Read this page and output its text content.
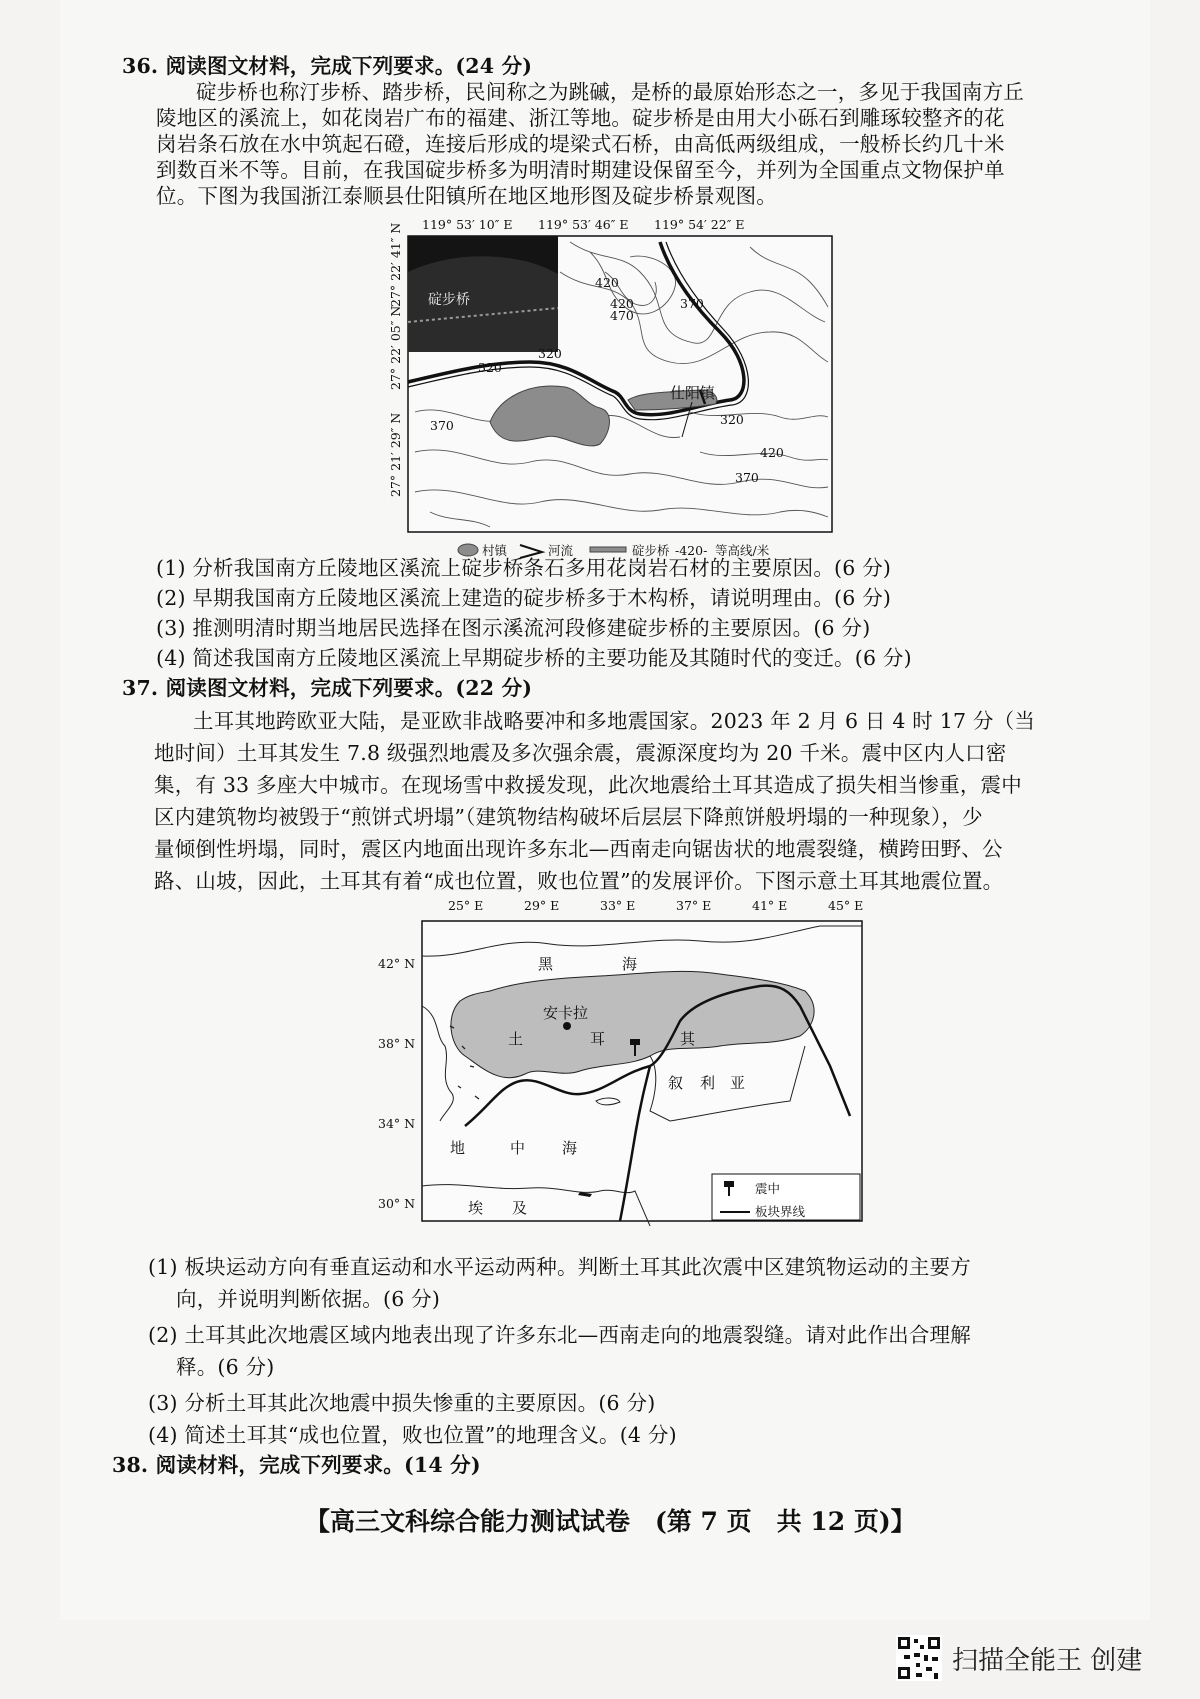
36. 阅读图文材料，完成下列要求。(24 分)
碇步桥也称汀步桥、踏步桥，民间称之为跳磩，是桥的最原始形态之一，多见于我国南方丘
陵地区的溪流上，如花岗岩广布的福建、浙江等地。碇步桥是由用大小砾石到雕琢较整齐的花
岗岩条石放在水中筑起石磴，连接后形成的堤梁式石桥，由高低两级组成，一般桥长约几十米
到数百米不等。目前，在我国碇步桥多为明清时期建设保留至今，并列为全国重点文物保护单
位。下图为我国浙江泰顺县仕阳镇所在地区地形图及碇步桥景观图。
119° 53′ 10″ E 119° 53′ 46″ E 119° 54′ 22″ E
27° 22′ 41″ N
27° 22′ 05″ N
27° 21′ 29″ N
碇步桥
仕阳镇
420
420
470
370
320
320
370	320
420
370
村镇	河流	碇步桥 -420- 等高线/米
(1) 分析我国南方丘陵地区溪流上碇步桥条石多用花岗岩石材的主要原因。(6 分)
(2) 早期我国南方丘陵地区溪流上建造的碇步桥多于木构桥，请说明理由。(6 分)
(3) 推测明清时期当地居民选择在图示溪流河段修建碇步桥的主要原因。(6 分)
(4) 简述我国南方丘陵地区溪流上早期碇步桥的主要功能及其随时代的变迁。(6 分)
37. 阅读图文材料，完成下列要求。(22 分)
土耳其地跨欧亚大陆，是亚欧非战略要冲和多地震国家。2023 年 2 月 6 日 4 时 17 分（当
地时间）土耳其发生 7.8 级强烈地震及多次强余震，震源深度均为 20 千米。震中区内人口密
集，有 33 多座大中城市。在现场雪中救援发现，此次地震给土耳其造成了损失相当惨重，震中
区内建筑物均被毁于“煎饼式坍塌”（建筑物结构破坏后层层下降煎饼般坍塌的一种现象），少
量倾倒性坍塌，同时，震区内地面出现许多东北—西南走向锯齿状的地震裂缝，横跨田野、公
路、山坡，因此，土耳其有着“成也位置，败也位置”的发展评价。下图示意土耳其地震位置。
25° E	29° E	33° E	37° E	41° E	45° E
42° N
38° N
34° N
30° N
安卡拉
黑	海
土	耳	其
叙 利 亚
地	中 海
埃 及
震中
板块界线
(1) 板块运动方向有垂直运动和水平运动两种。判断土耳其此次震中区建筑物运动的主要方
向，并说明判断依据。(6 分)
(2) 土耳其此次地震区域内地表出现了许多东北—西南走向的地震裂缝。请对此作出合理解
释。(6 分)
(3) 分析土耳其此次地震中损失惨重的主要原因。(6 分)
(4) 简述土耳其“成也位置，败也位置”的地理含义。(4 分)
38. 阅读材料，完成下列要求。(14 分)
【高三文科综合能力测试试卷　(第 7 页　共 12 页)】
扫描全能王 创建
